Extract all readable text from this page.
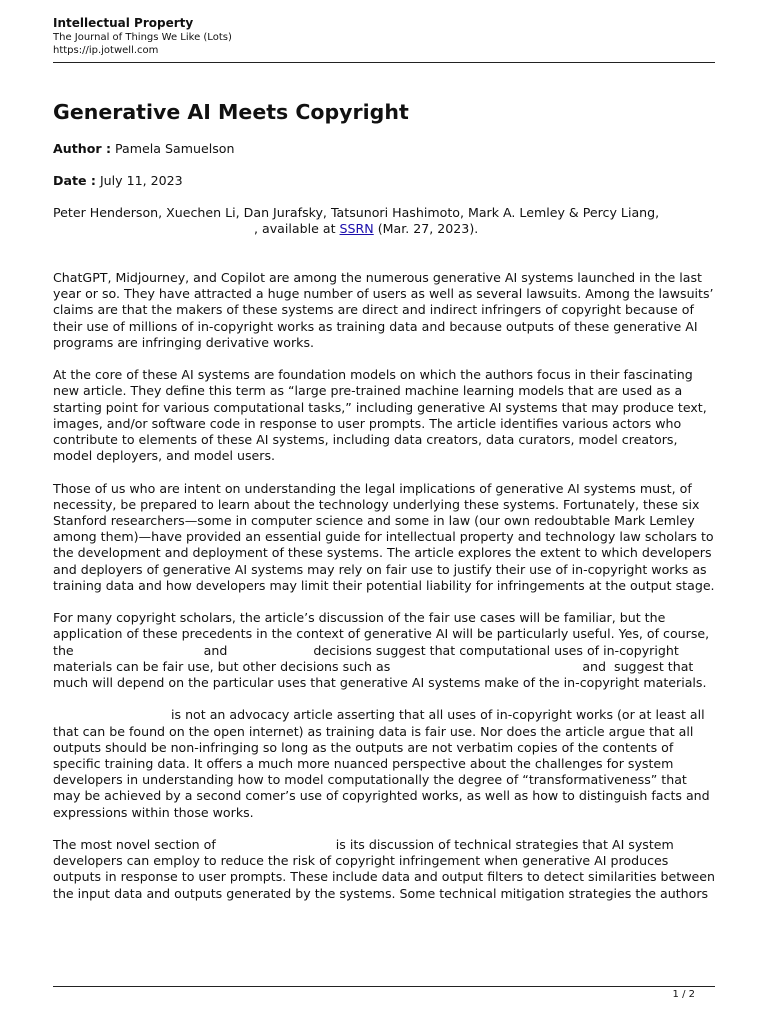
Intellectual Property
The Journal of Things We Like (Lots)
https://ip.jotwell.com
Generative AI Meets Copyright

Author : Pamela Samuelson

Date : July 11, 2023

Peter Henderson, Xuechen Li, Dan Jurafsky, Tatsunori Hashimoto, Mark A. Lemley & Percy Liang,
, available at SSRN (Mar. 27, 2023).

ChatGPT, Midjourney, and Copilot are among the numerous generative AI systems launched in the last year or so. They have attracted a huge number of users as well as several lawsuits. Among the lawsuits’ claims are that the makers of these systems are direct and indirect infringers of copyright because of their use of millions of in-copyright works as training data and because outputs of these generative AI programs are infringing derivative works.

At the core of these AI systems are foundation models on which the authors focus in their fascinating new article. They define this term as “large pre-trained machine learning models that are used as a starting point for various computational tasks,” including generative AI systems that may produce text, images, and/or software code in response to user prompts. The article identifies various actors who contribute to elements of these AI systems, including data creators, data curators, model creators, model deployers, and model users.

Those of us who are intent on understanding the legal implications of generative AI systems must, of necessity, be prepared to learn about the technology underlying these systems. Fortunately, these six Stanford researchers—some in computer science and some in law (our own redoubtable Mark Lemley among them)—have provided an essential guide for intellectual property and technology law scholars to the development and deployment of these systems. The article explores the extent to which developers and deployers of generative AI systems may rely on fair use to justify their use of in-copyright works as training data and how developers may limit their potential liability for infringements at the output stage.

For many copyright scholars, the article’s discussion of the fair use cases will be familiar, but the application of these precedents in the context of generative AI will be particularly useful. Yes, of course, the	and	decisions suggest that computational uses of in-copyright materials can be fair use, but other decisions such as	and suggest that much will depend on the particular uses that generative AI systems make of the in-copyright materials.

is not an advocacy article asserting that all uses of in-copyright works (or at least all that can be found on the open internet) as training data is fair use. Nor does the article argue that all outputs should be non-infringing so long as the outputs are not verbatim copies of the contents of specific training data. It offers a much more nuanced perspective about the challenges for system developers in understanding how to model computationally the degree of “transformativeness” that may be achieved by a second comer’s use of copyrighted works, as well as how to distinguish facts and expressions within those works.

The most novel section of	is its discussion of technical strategies that AI system developers can employ to reduce the risk of copyright infringement when generative AI produces outputs in response to user prompts. These include data and output filters to detect similarities between the input data and outputs generated by the systems. Some technical mitigation strategies the authors

1 / 2
